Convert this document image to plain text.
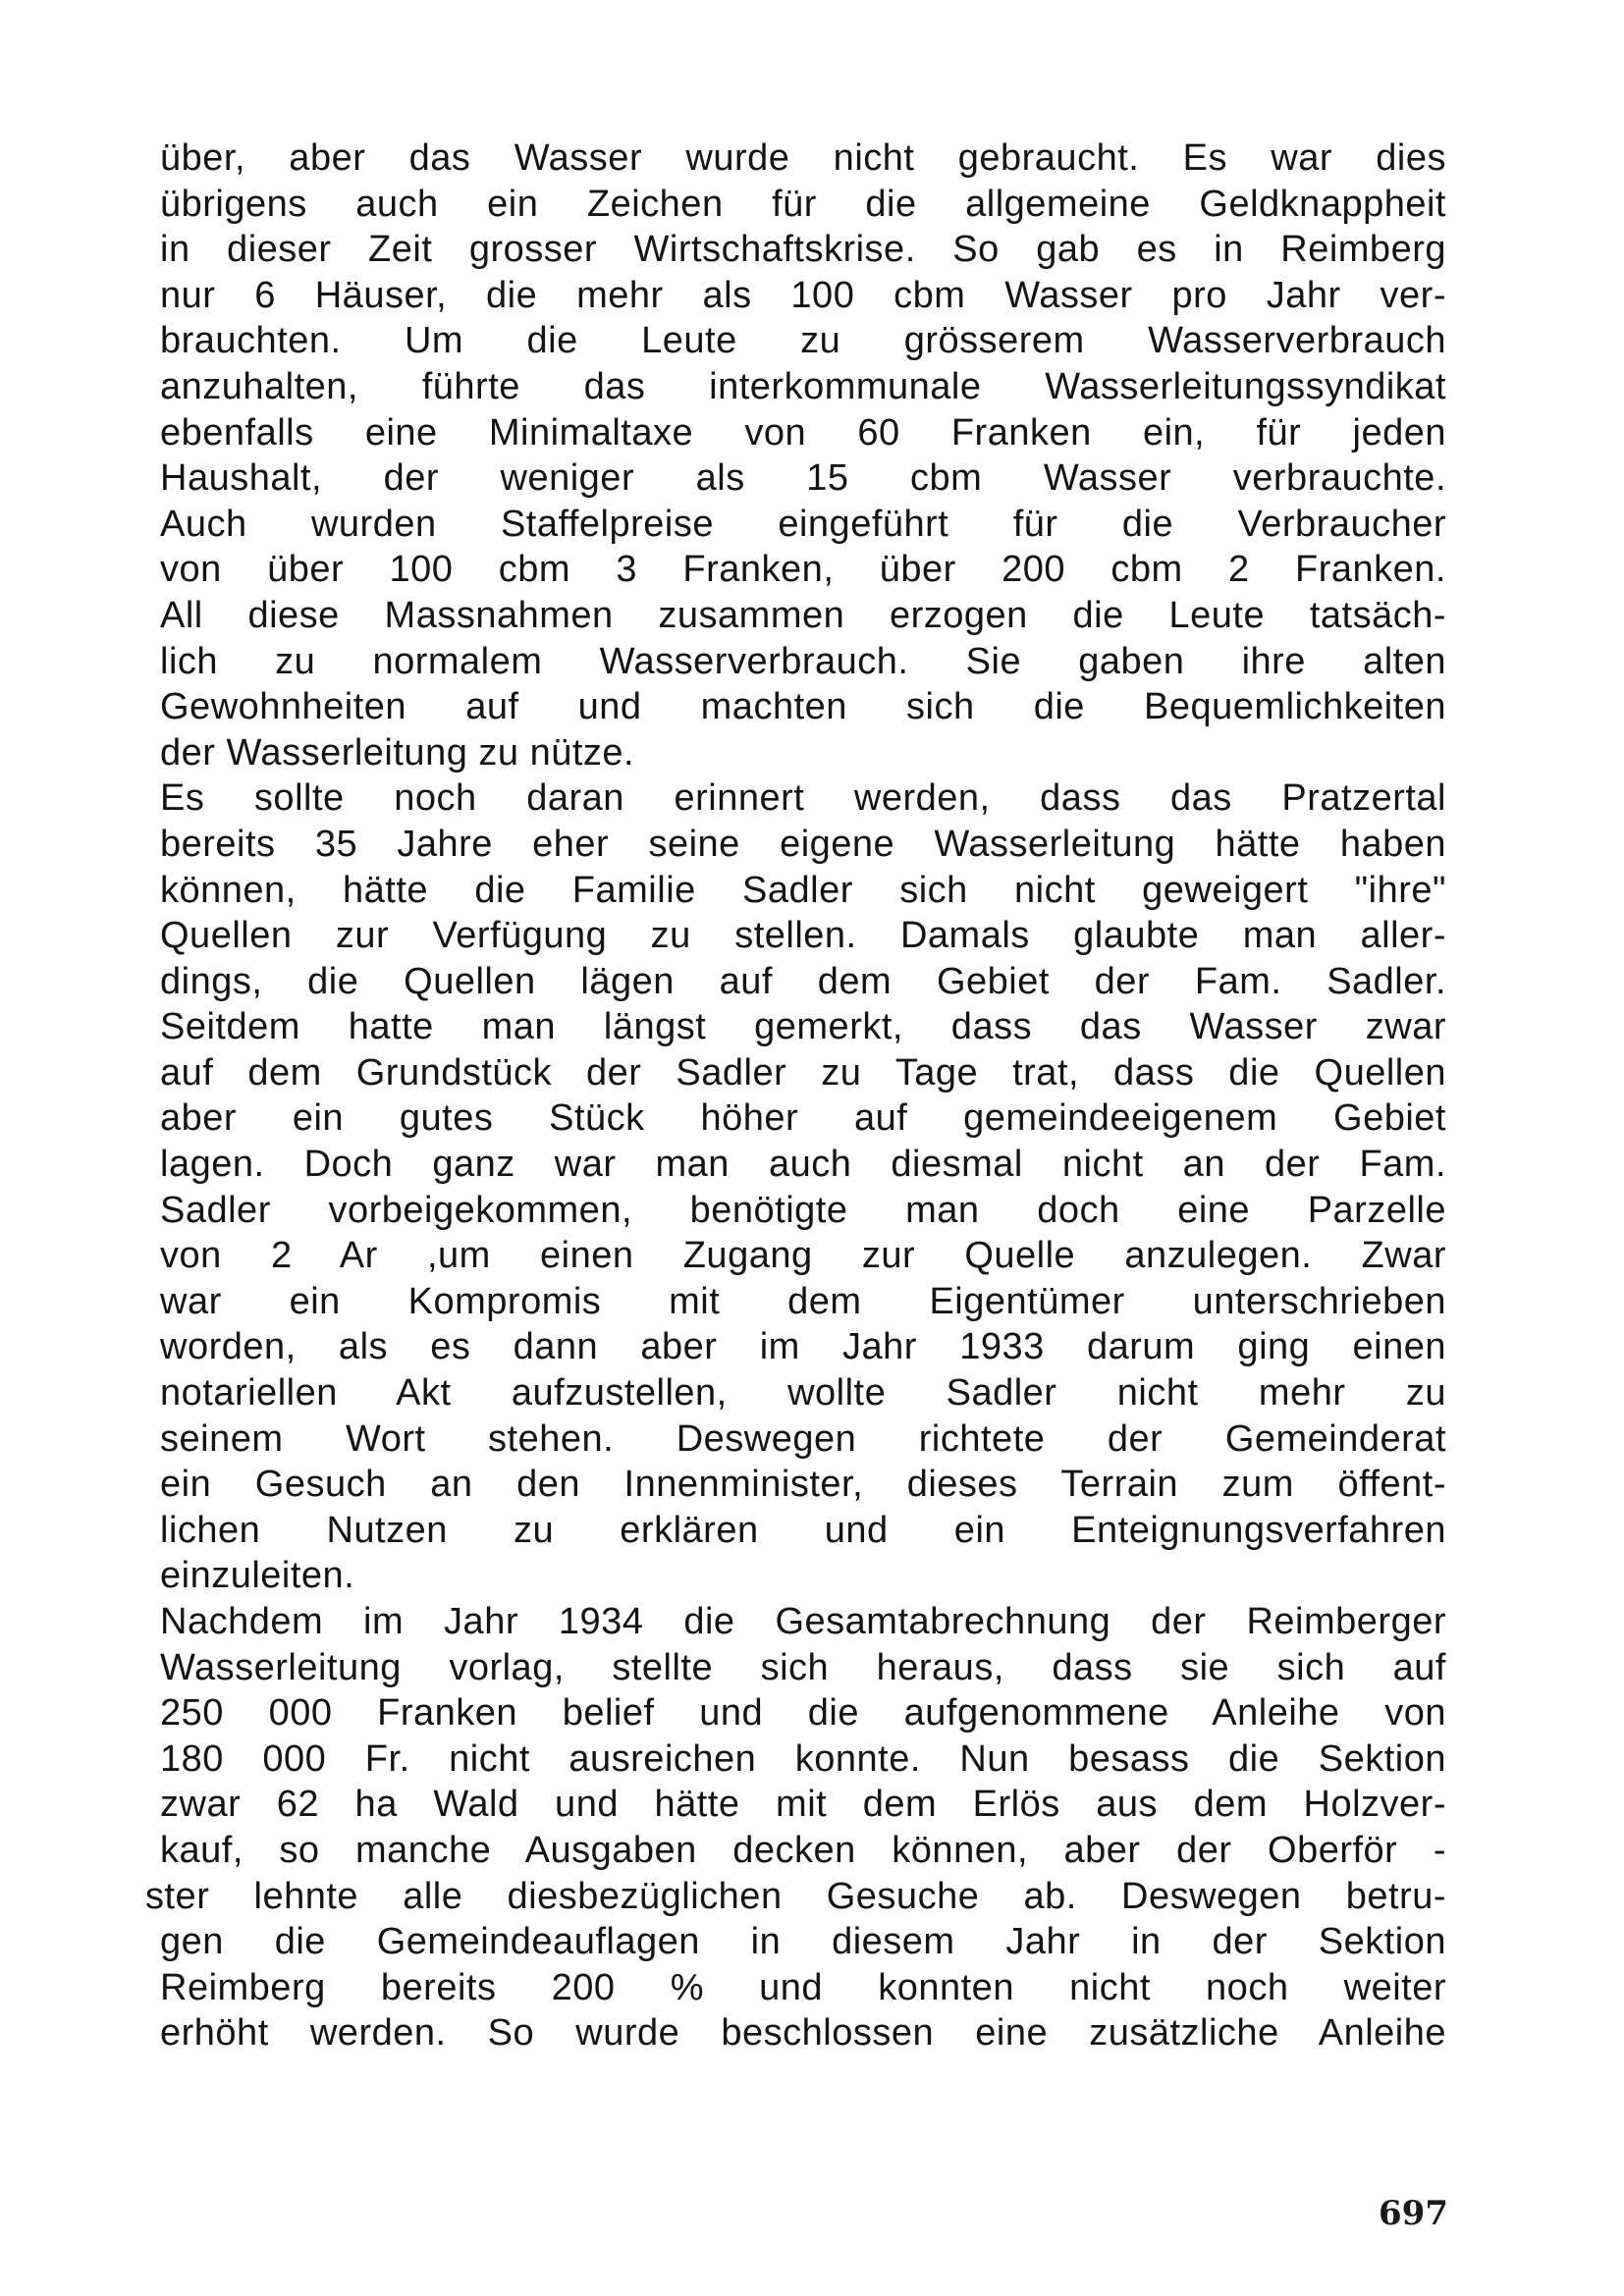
über, aber das Wasser wurde nicht gebraucht. Es war dies
übrigens auch ein Zeichen für die allgemeine Geldknappheit
in dieser Zeit grosser Wirtschaftskrise. So gab es in Reimberg
nur 6 Häuser, die mehr als 100 cbm Wasser pro Jahr ver-
brauchten. Um die Leute zu grösserem Wasserverbrauch
anzuhalten, führte das interkommunale Wasserleitungssyndikat
ebenfalls eine Minimaltaxe von 60 Franken ein, für jeden
Haushalt, der weniger als 15 cbm Wasser verbrauchte.
Auch wurden Staffelpreise eingeführt für die Verbraucher
von über 100 cbm 3 Franken, über 200 cbm 2 Franken.
All diese Massnahmen zusammen erzogen die Leute tatsäch-
lich zu normalem Wasserverbrauch. Sie gaben ihre alten
Gewohnheiten auf und machten sich die Bequemlichkeiten
der Wasserleitung zu nütze.
Es sollte noch daran erinnert werden, dass das Pratzertal
bereits 35 Jahre eher seine eigene Wasserleitung hätte haben
können, hätte die Familie Sadler sich nicht geweigert "ihre"
Quellen zur Verfügung zu stellen. Damals glaubte man aller-
dings, die Quellen lägen auf dem Gebiet der Fam. Sadler.
Seitdem hatte man längst gemerkt, dass das Wasser zwar
auf dem Grundstück der Sadler zu Tage trat, dass die Quellen
aber ein gutes Stück höher auf gemeindeeigenem Gebiet
lagen. Doch ganz war man auch diesmal nicht an der Fam.
Sadler vorbeigekommen, benötigte man doch eine Parzelle
von 2 Ar ,um einen Zugang zur Quelle anzulegen. Zwar
war ein Kompromis mit dem Eigentümer unterschrieben
worden, als es dann aber im Jahr 1933 darum ging einen
notariellen Akt aufzustellen, wollte Sadler nicht mehr zu
seinem Wort stehen. Deswegen richtete der Gemeinderat
ein Gesuch an den Innenminister, dieses Terrain zum öffent-
lichen Nutzen zu erklären und ein Enteignungsverfahren
einzuleiten.
Nachdem im Jahr 1934 die Gesamtabrechnung der Reimberger
Wasserleitung vorlag, stellte sich heraus, dass sie sich auf
250 000 Franken belief und die aufgenommene Anleihe von
180 000 Fr. nicht ausreichen konnte. Nun besass die Sektion
zwar 62 ha Wald und hätte mit dem Erlös aus dem Holzver-
kauf, so manche Ausgaben decken können, aber der Oberför -
ster lehnte alle diesbezüglichen Gesuche ab. Deswegen betru-
gen die Gemeindeauflagen in diesem Jahr in der Sektion
Reimberg bereits 200 % und konnten nicht noch weiter
erhöht werden. So wurde beschlossen eine zusätzliche Anleihe
697
